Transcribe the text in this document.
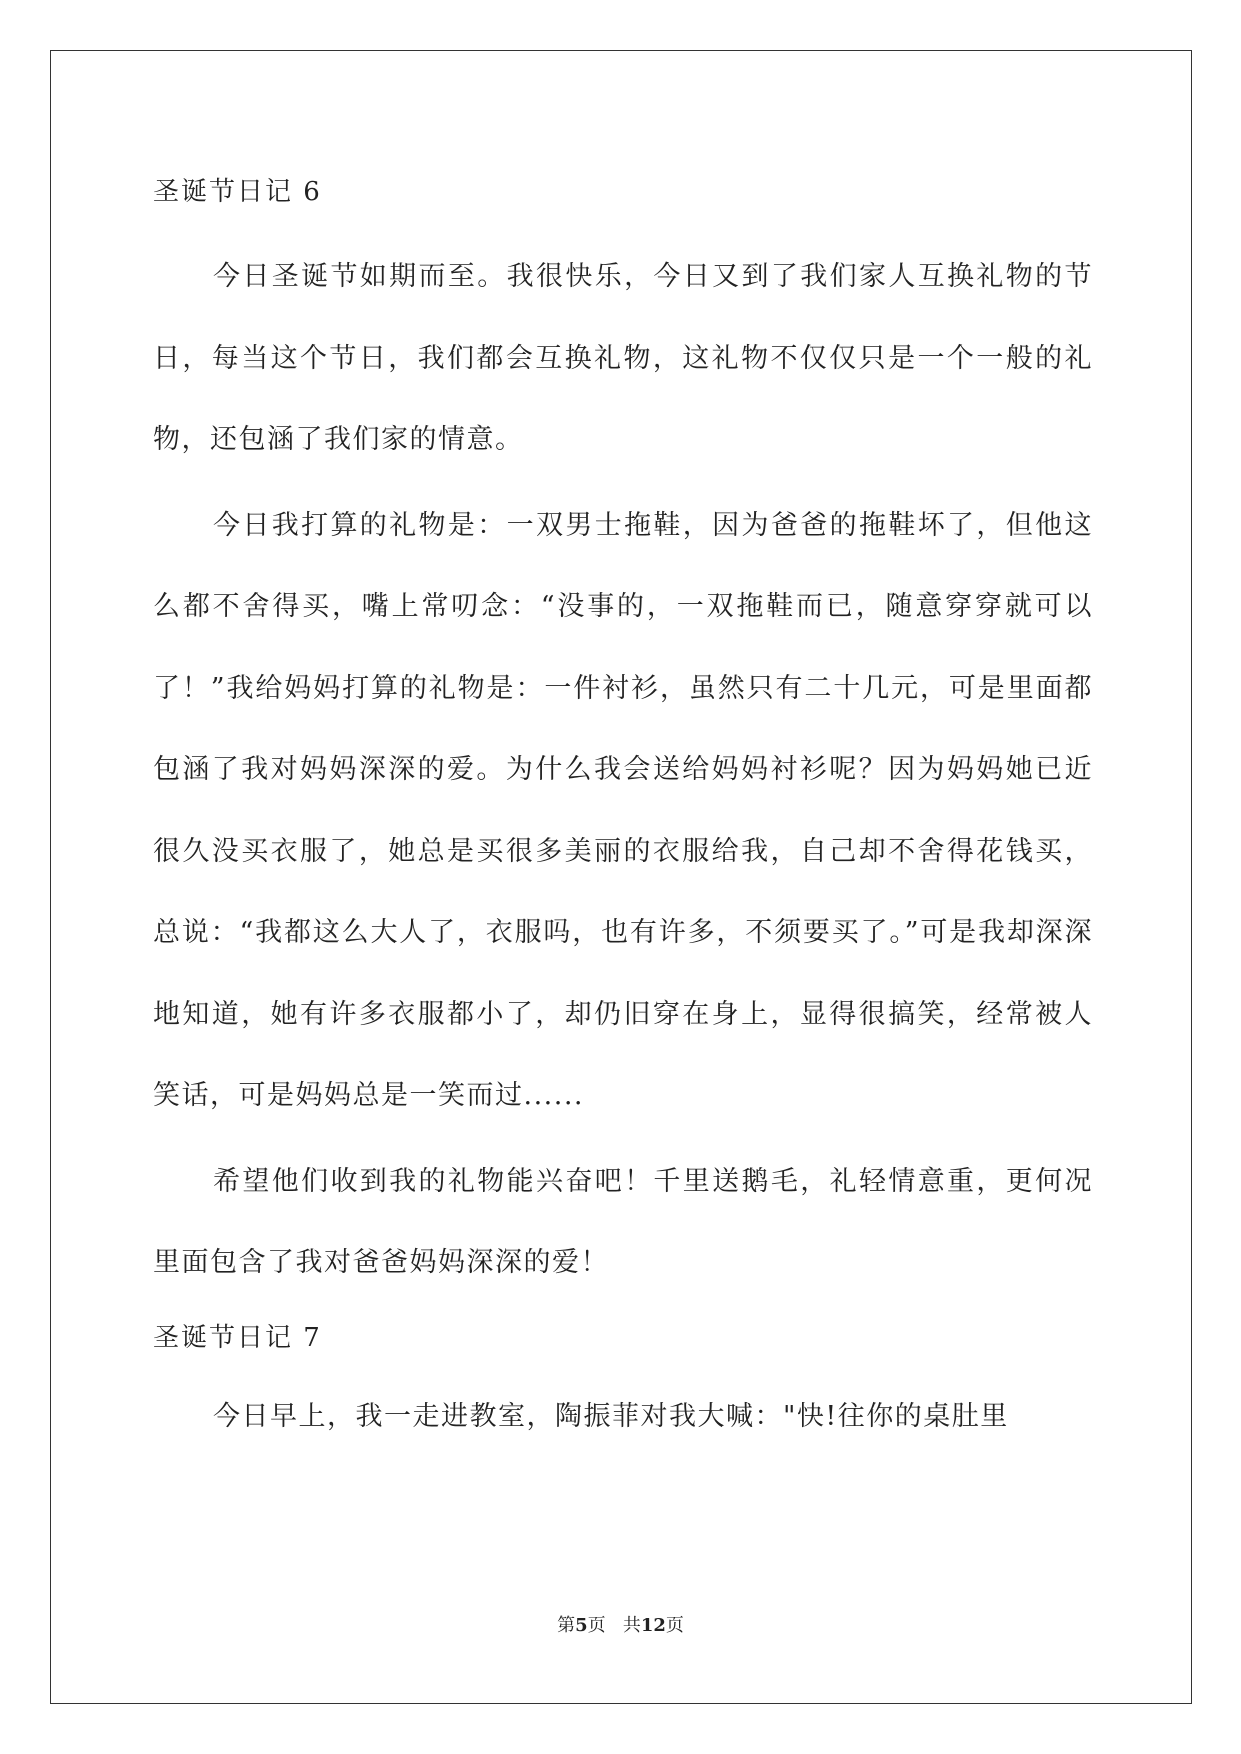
圣诞节日记 6

今日圣诞节如期而至。我很快乐，今日又到了我们家人互换礼物的节日，每当这个节日，我们都会互换礼物，这礼物不仅仅只是一个一般的礼物，还包涵了我们家的情意。

今日我打算的礼物是：一双男士拖鞋，因为爸爸的拖鞋坏了，但他这么都不舍得买，嘴上常叨念：“没事的，一双拖鞋而已，随意穿穿就可以了！”我给妈妈打算的礼物是：一件衬衫，虽然只有二十几元，可是里面都包涵了我对妈妈深深的爱。为什么我会送给妈妈衬衫呢？因为妈妈她已近很久没买衣服了，她总是买很多美丽的衣服给我，自己却不舍得花钱买，总说：“我都这么大人了，衣服吗，也有许多，不须要买了。”可是我却深深地知道，她有许多衣服都小了，却仍旧穿在身上，显得很搞笑，经常被人笑话，可是妈妈总是一笑而过......

希望他们收到我的礼物能兴奋吧！千里送鹅毛，礼轻情意重，更何况里面包含了我对爸爸妈妈深深的爱！

圣诞节日记 7

今日早上，我一走进教室，陶振菲对我大喊："快!往你的桌肚里

第5页 共12页
